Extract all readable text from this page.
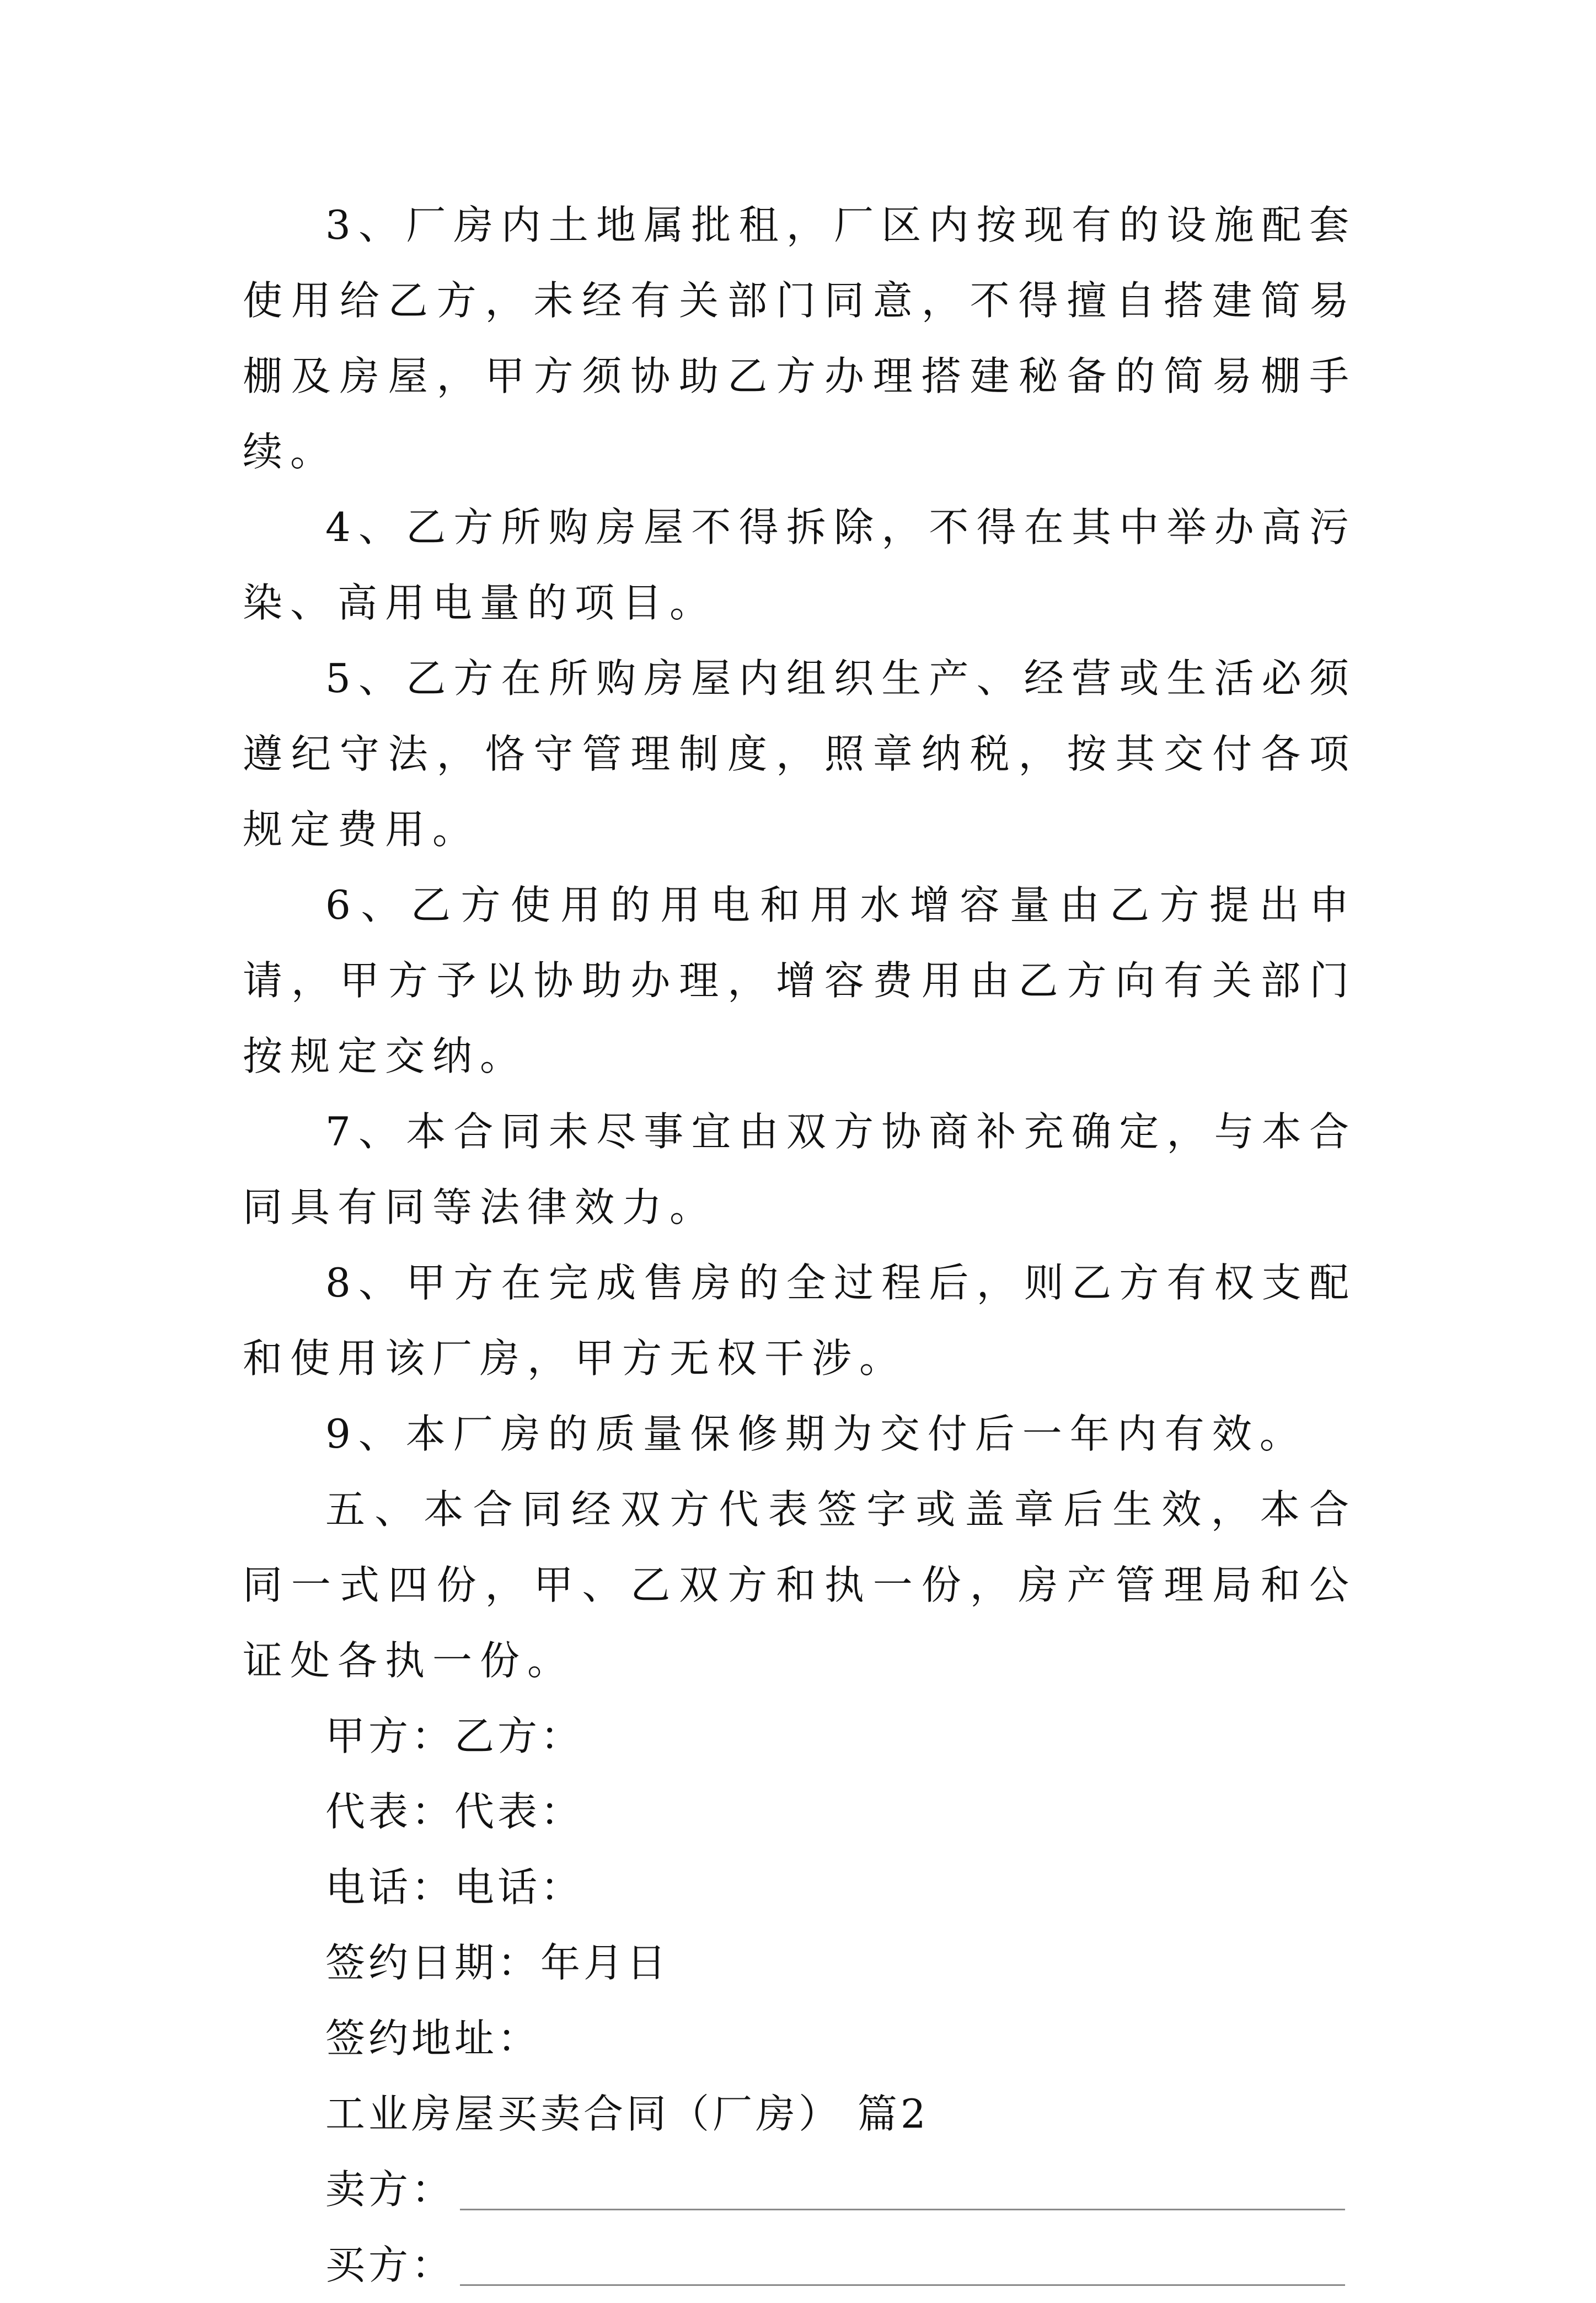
3、厂房内土地属批租，厂区内按现有的设施配套使用给乙方，未经有关部门同意，不得擅自搭建简易棚及房屋，甲方须协助乙方办理搭建秘备的简易棚手续。

4、乙方所购房屋不得拆除，不得在其中举办高污染、高用电量的项目。

5、乙方在所购房屋内组织生产、经营或生活必须遵纪守法，恪守管理制度，照章纳税，按其交付各项规定费用。

6、乙方使用的用电和用水增容量由乙方提出申请，甲方予以协助办理，增容费用由乙方向有关部门按规定交纳。

7、本合同未尽事宜由双方协商补充确定，与本合同具有同等法律效力。

8、甲方在完成售房的全过程后，则乙方有权支配和使用该厂房，甲方无权干涉。

9、本厂房的质量保修期为交付后一年内有效。

五、本合同经双方代表签字或盖章后生效，本合同一式四份，甲、乙双方和执一份，房产管理局和公证处各执一份。

甲方：乙方：

代表：代表：

电话：电话：

签约日期：年月日

签约地址：

工业房屋买卖合同（厂房） 篇2

卖方：

买方：
